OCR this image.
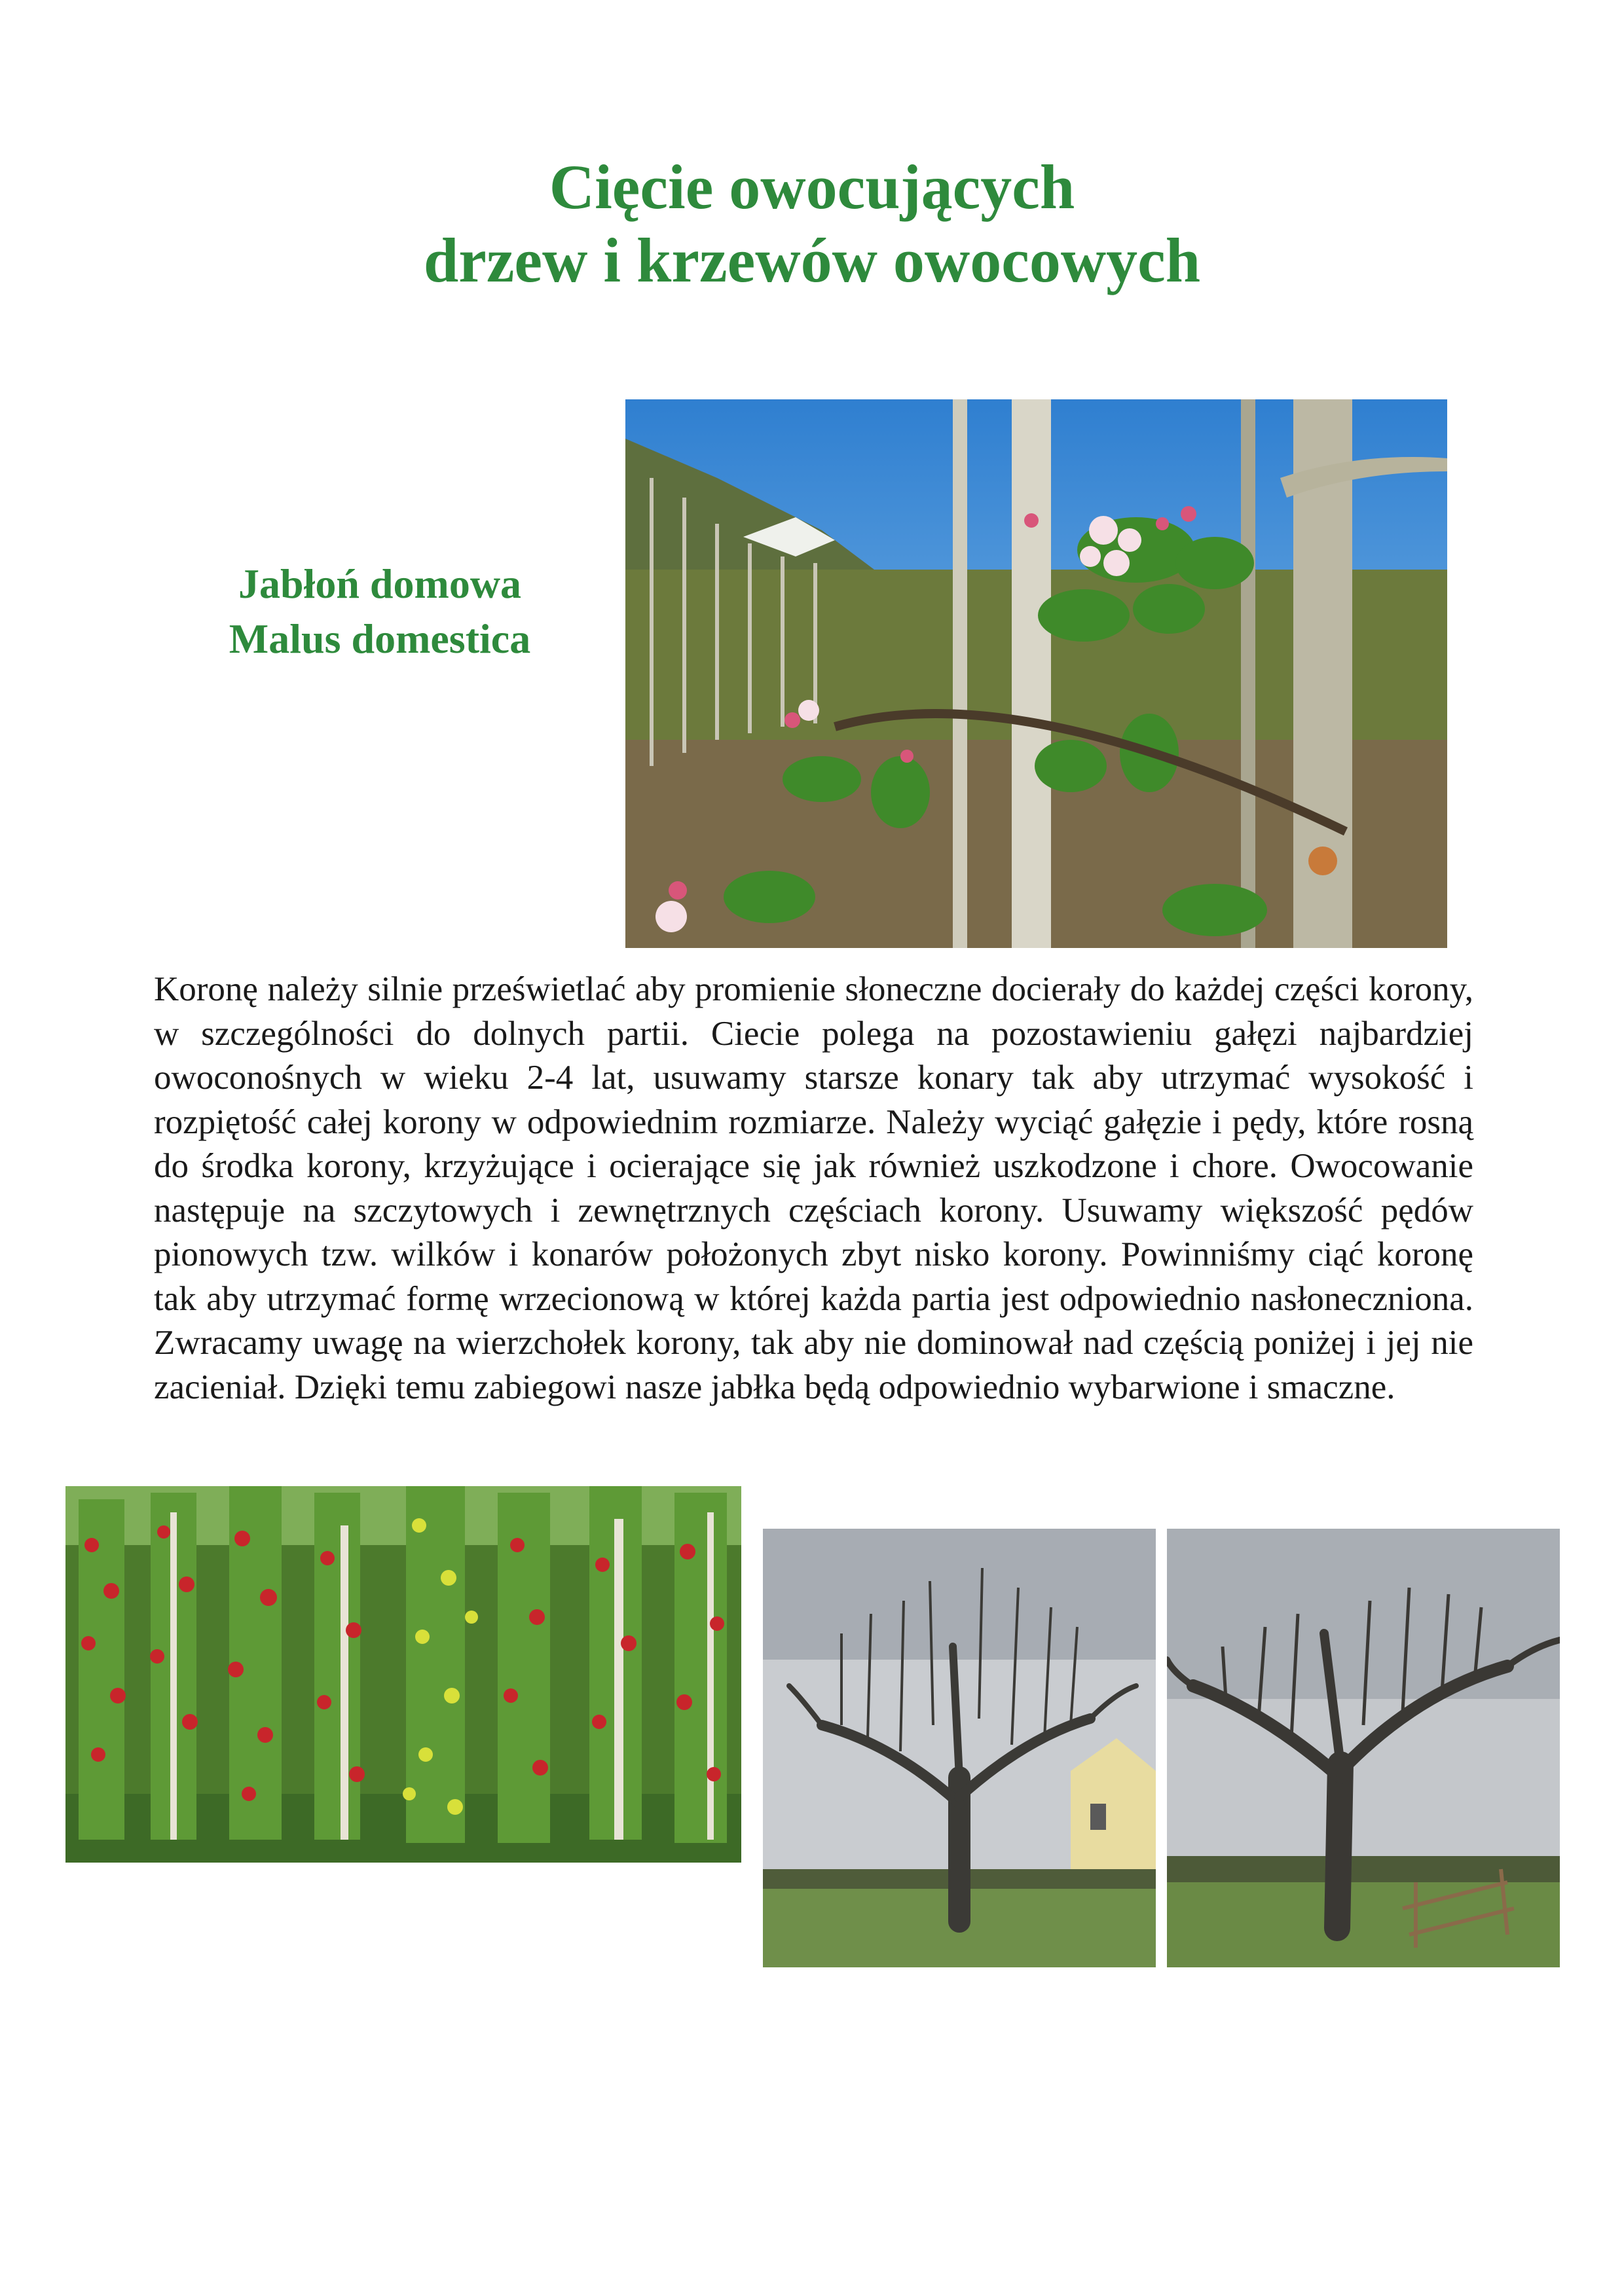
Cięcie owocujących
drzew i krzewów owocowych
Jabłoń domowa
Malus domestica

Koronę należy silnie prześwietlać aby promienie słoneczne docierały do każdej części korony, w szczególności do dolnych partii. Ciecie polega na pozostawieniu gałęzi najbardziej owoconośnych w wieku 2-4 lat, usuwamy starsze konary tak aby utrzymać wysokość i rozpiętość całej korony w odpowiednim rozmiarze. Należy wyciąć gałęzie i pędy, które rosną do środka korony, krzyżujące i ocierające się jak również uszkodzone i chore. Owocowanie następuje na szczytowych i zewnętrznych częściach korony. Usuwamy większość pędów pionowych tzw. wilków i konarów położonych zbyt nisko korony. Powinniśmy ciąć koronę tak aby utrzymać formę wrzecionową w której każda partia jest odpowiednio nasłoneczniona. Zwracamy uwagę na wierzchołek korony, tak aby nie dominował nad częścią poniżej i jej nie zacieniał. Dzięki temu zabiegowi nasze jabłka będą odpowiednio wybarwione i smaczne.
